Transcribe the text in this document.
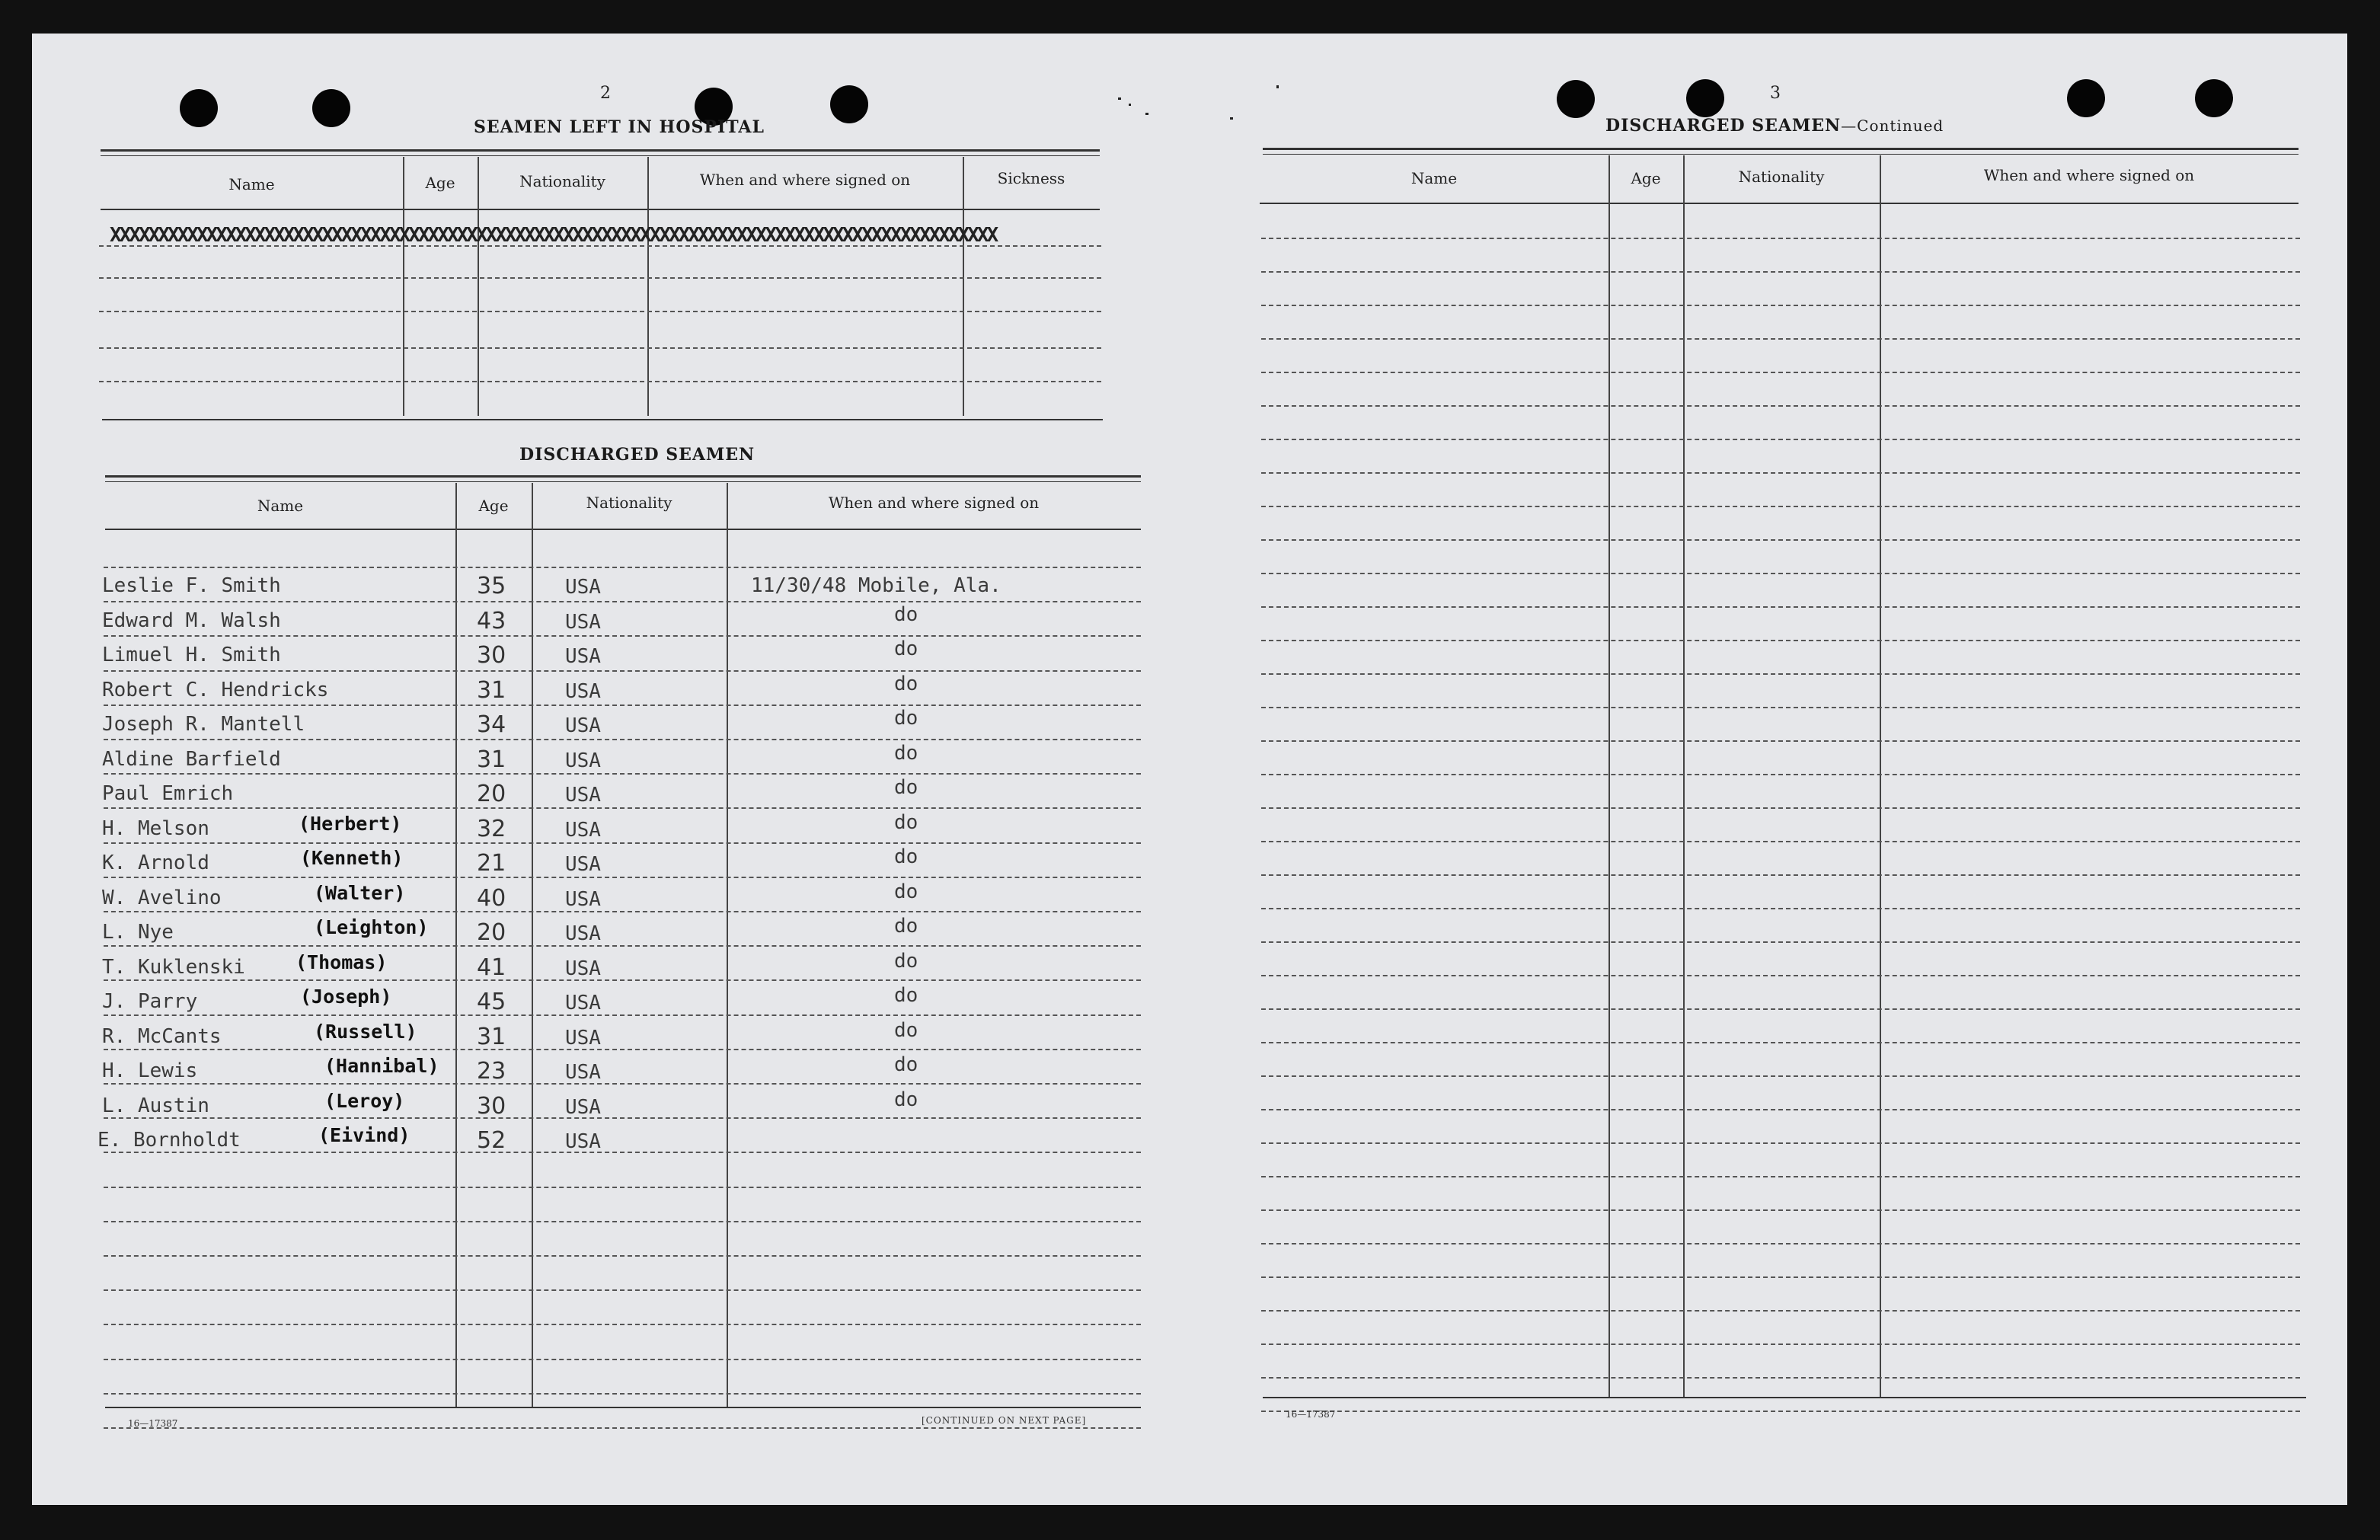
2
SEAMEN LEFT IN HOSPITAL
Name	Age	Nationality	When and where signed on	Sickness
XXXXXXXXXXXXXXXXXXXXXXXXXXXXXXXXXXXXXXXXXXXXXXXXXXXXXXXXXXXXXXXXXXXXXXXXXXXXXXXXXXXXXXXXXXXX
DISCHARGED SEAMEN
Name	Age	Nationality	When and where signed on
Leslie F. Smith	35	USA	11/30/48 Mobile, Ala.
Edward M. Walsh	43	USA	do
Limuel H. Smith	30	USA	do
Robert C. Hendricks	31	USA	do
Joseph R. Mantell	34	USA	do
Aldine Barfield	31	USA	do
Paul Emrich	20	USA	do
H. Melson	(Herbert)	32	USA	do
K. Arnold	(Kenneth)	21	USA	do
W. Avelino	(Walter)	40	USA	do
L. Nye	(Leighton) 20	USA	do
T. Kuklenski	(Thomas)	41	USA	do
J. Parry	(Joseph)	45	USA	do
R. McCants	(Russell)	31	USA	do
H. Lewis	(Hannibal) 23	USA	do
L. Austin	(Leroy)	30	USA	do
E. Bornholdt	(Eivind)	52	USA
16—17387	[CONTINUED ON NEXT PAGE]
3
DISCHARGED SEAMEN—Continued
Name	Age	Nationality	When and where signed on
16—17387
